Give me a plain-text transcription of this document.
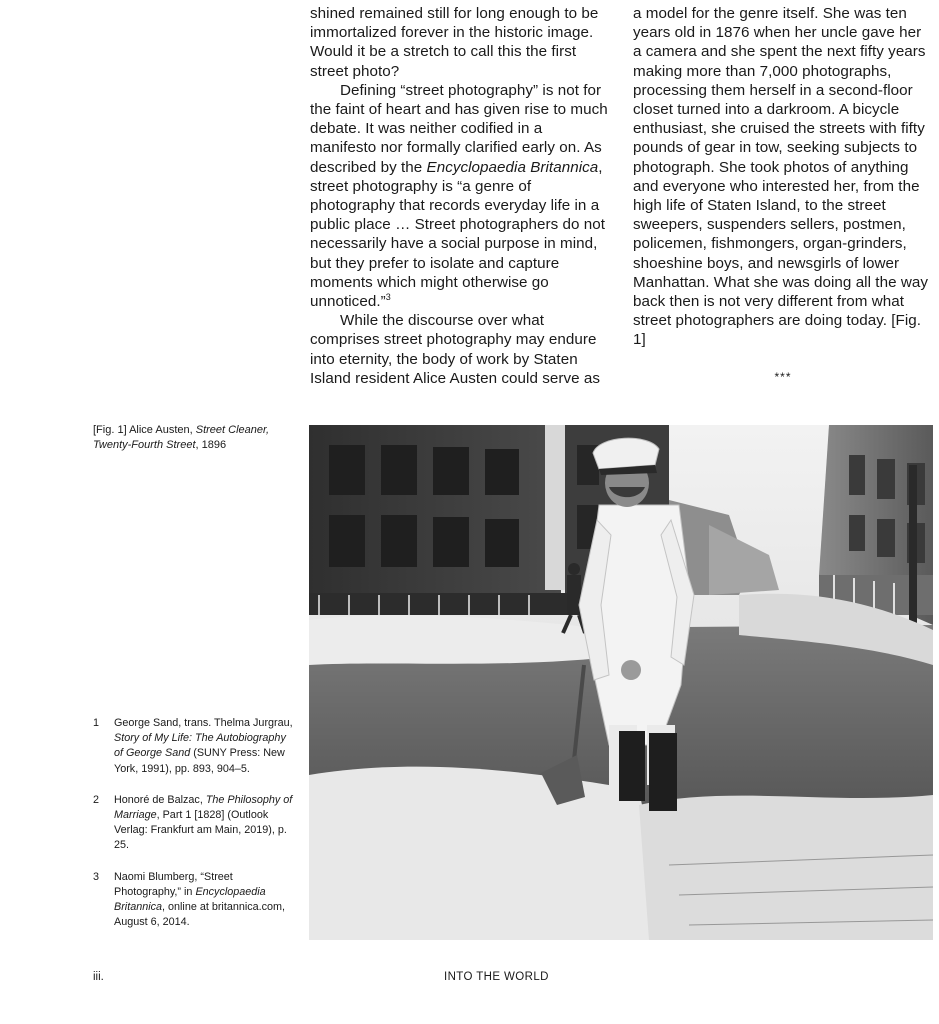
shined remained still for long enough to be immortalized forever in the historic image. Would it be a stretch to call this the first street photo?

Defining “street photography” is not for the faint of heart and has given rise to much debate. It was neither codified in a manifesto nor formally clarified early on. As described by the Encyclopaedia Britannica, street photography is “a genre of photography that records everyday life in a public place … Street photographers do not necessarily have a social purpose in mind, but they prefer to isolate and capture moments which might otherwise go unnoticed.”$^3$

While the discourse over what comprises street photography may endure into eternity, the body of work by Staten Island resident Alice Austen could serve as

a model for the genre itself. She was ten years old in 1876 when her uncle gave her a camera and she spent the next fifty years making more than 7,000 photographs, processing them herself in a second-floor closet turned into a darkroom. A bicycle enthusiast, she cruised the streets with fifty pounds of gear in tow, seeking subjects to photograph. She took photos of anything and everyone who interested her, from the high life of Staten Island, to the street sweepers, suspenders sellers, postmen, policemen, fishmongers, organ-grinders, shoeshine boys, and newsgirls of lower Manhattan. What she was doing all the way back then is not very different from what street photographers are doing today. [Fig. 1]

***
[Fig. 1] Alice Austen, Street Cleaner, Twenty-Fourth Street, 1896
1 George Sand, trans. Thelma Jurgrau, Story of My Life: The Autobiography of George Sand (SUNY Press: New York, 1991), pp. 893, 904–5.
2 Honoré de Balzac, The Philosophy of Marriage, Part 1 [1828] (Outlook Verlag: Frankfurt am Main, 2019), p. 25.
3 Naomi Blumberg, “Street Photography,” in Encyclopaedia Britannica, online at britannica.com, August 6, 2014.
iii.	INTO THE WORLD
